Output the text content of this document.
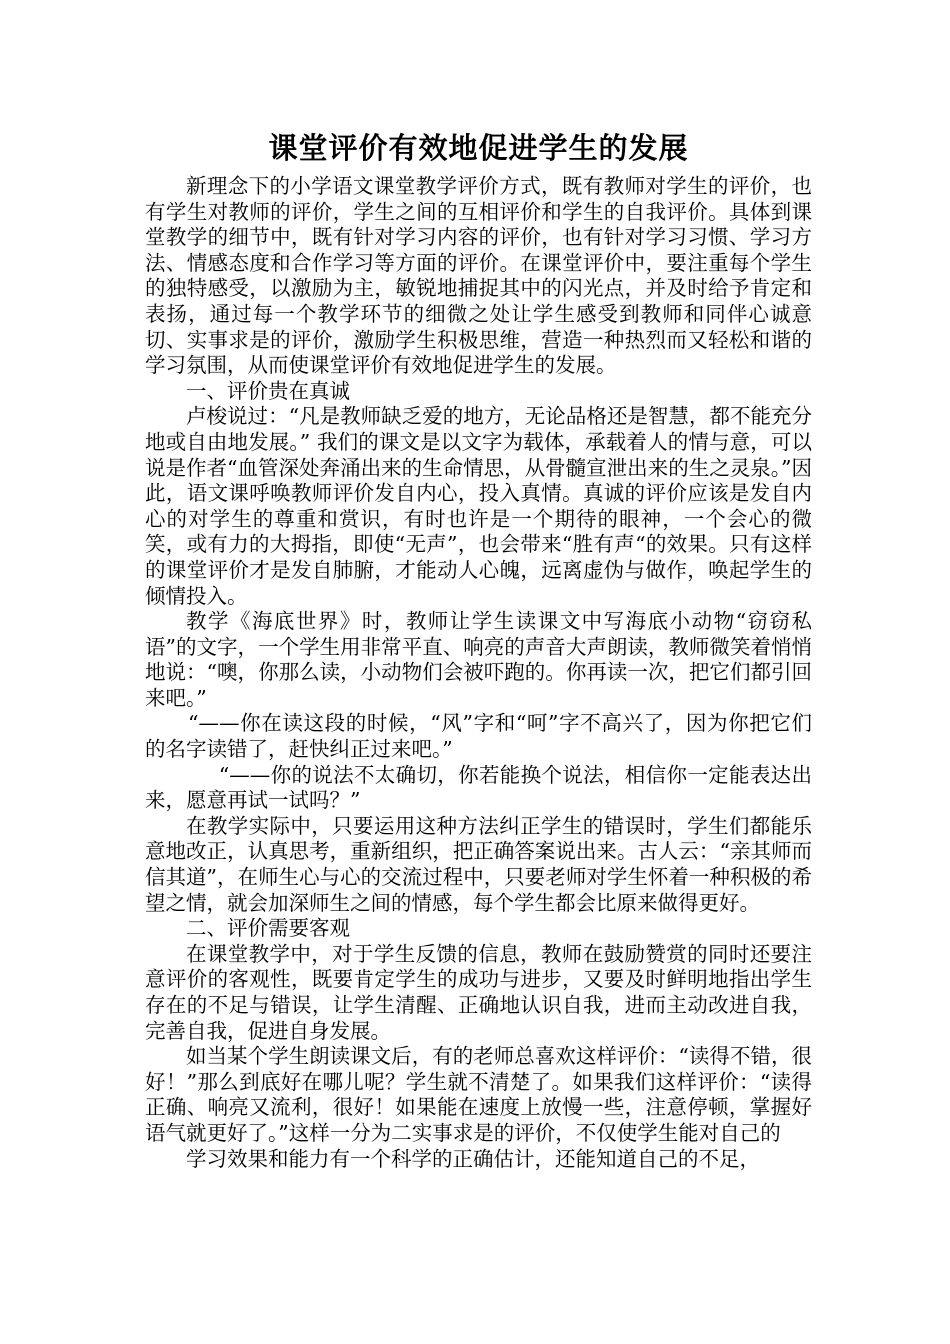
课堂评价有效地促进学生的发展

新理念下的小学语文课堂教学评价方式，既有教师对学生的评价，也有学生对教师的评价，学生之间的互相评价和学生的自我评价。具体到课堂教学的细节中，既有针对学习内容的评价，也有针对学习习惯、学习方法、情感态度和合作学习等方面的评价。在课堂评价中，要注重每个学生的独特感受，以激励为主，敏锐地捕捉其中的闪光点，并及时给予肯定和表扬，通过每一个教学环节的细微之处让学生感受到教师和同伴心诚意切、实事求是的评价，激励学生积极思维，营造一种热烈而又轻松和谐的学习氛围，从而使课堂评价有效地促进学生的发展。

一、评价贵在真诚

卢梭说过：“凡是教师缺乏爱的地方，无论品格还是智慧，都不能充分地或自由地发展。” 我们的课文是以文字为载体，承载着人的情与意，可以说是作者“血管深处奔涌出来的生命情思，从骨髓宣泄出来的生之灵泉。”因此，语文课呼唤教师评价发自内心，投入真情。真诚的评价应该是发自内心的对学生的尊重和赏识，有时也许是一个期待的眼神，一个会心的微笑，或有力的大拇指，即使“无声”，也会带来“胜有声“的效果。只有这样的课堂评价才是发自肺腑，才能动人心魄，远离虚伪与做作，唤起学生的倾情投入。

教学《海底世界》时，教师让学生读课文中写海底小动物“窃窃私语”的文字，一个学生用非常平直、响亮的声音大声朗读，教师微笑着悄悄地说：“噢，你那么读，小动物们会被吓跑的。你再读一次，把它们都引回来吧。”

“——你在读这段的时候，“风”字和“呵”字不高兴了，因为你把它们的名字读错了，赶快纠正过来吧。”

“——你的说法不太确切，你若能换个说法，相信你一定能表达出来，愿意再试一试吗？”

在教学实际中，只要运用这种方法纠正学生的错误时，学生们都能乐意地改正，认真思考，重新组织，把正确答案说出来。古人云：“亲其师而信其道”，在师生心与心的交流过程中，只要老师对学生怀着一种积极的希望之情，就会加深师生之间的情感，每个学生都会比原来做得更好。

二、评价需要客观

在课堂教学中，对于学生反馈的信息，教师在鼓励赞赏的同时还要注意评价的客观性，既要肯定学生的成功与进步，又要及时鲜明地指出学生存在的不足与错误，让学生清醒、正确地认识自我，进而主动改进自我，完善自我，促进自身发展。

如当某个学生朗读课文后，有的老师总喜欢这样评价：“读得不错，很好！”那么到底好在哪儿呢？学生就不清楚了。如果我们这样评价：“读得正确、响亮又流利，很好！如果能在速度上放慢一些，注意停顿，掌握好语气就更好了。”这样一分为二实事求是的评价，不仅使学生能对自己的

学习效果和能力有一个科学的正确估计，还能知道自己的不足，
